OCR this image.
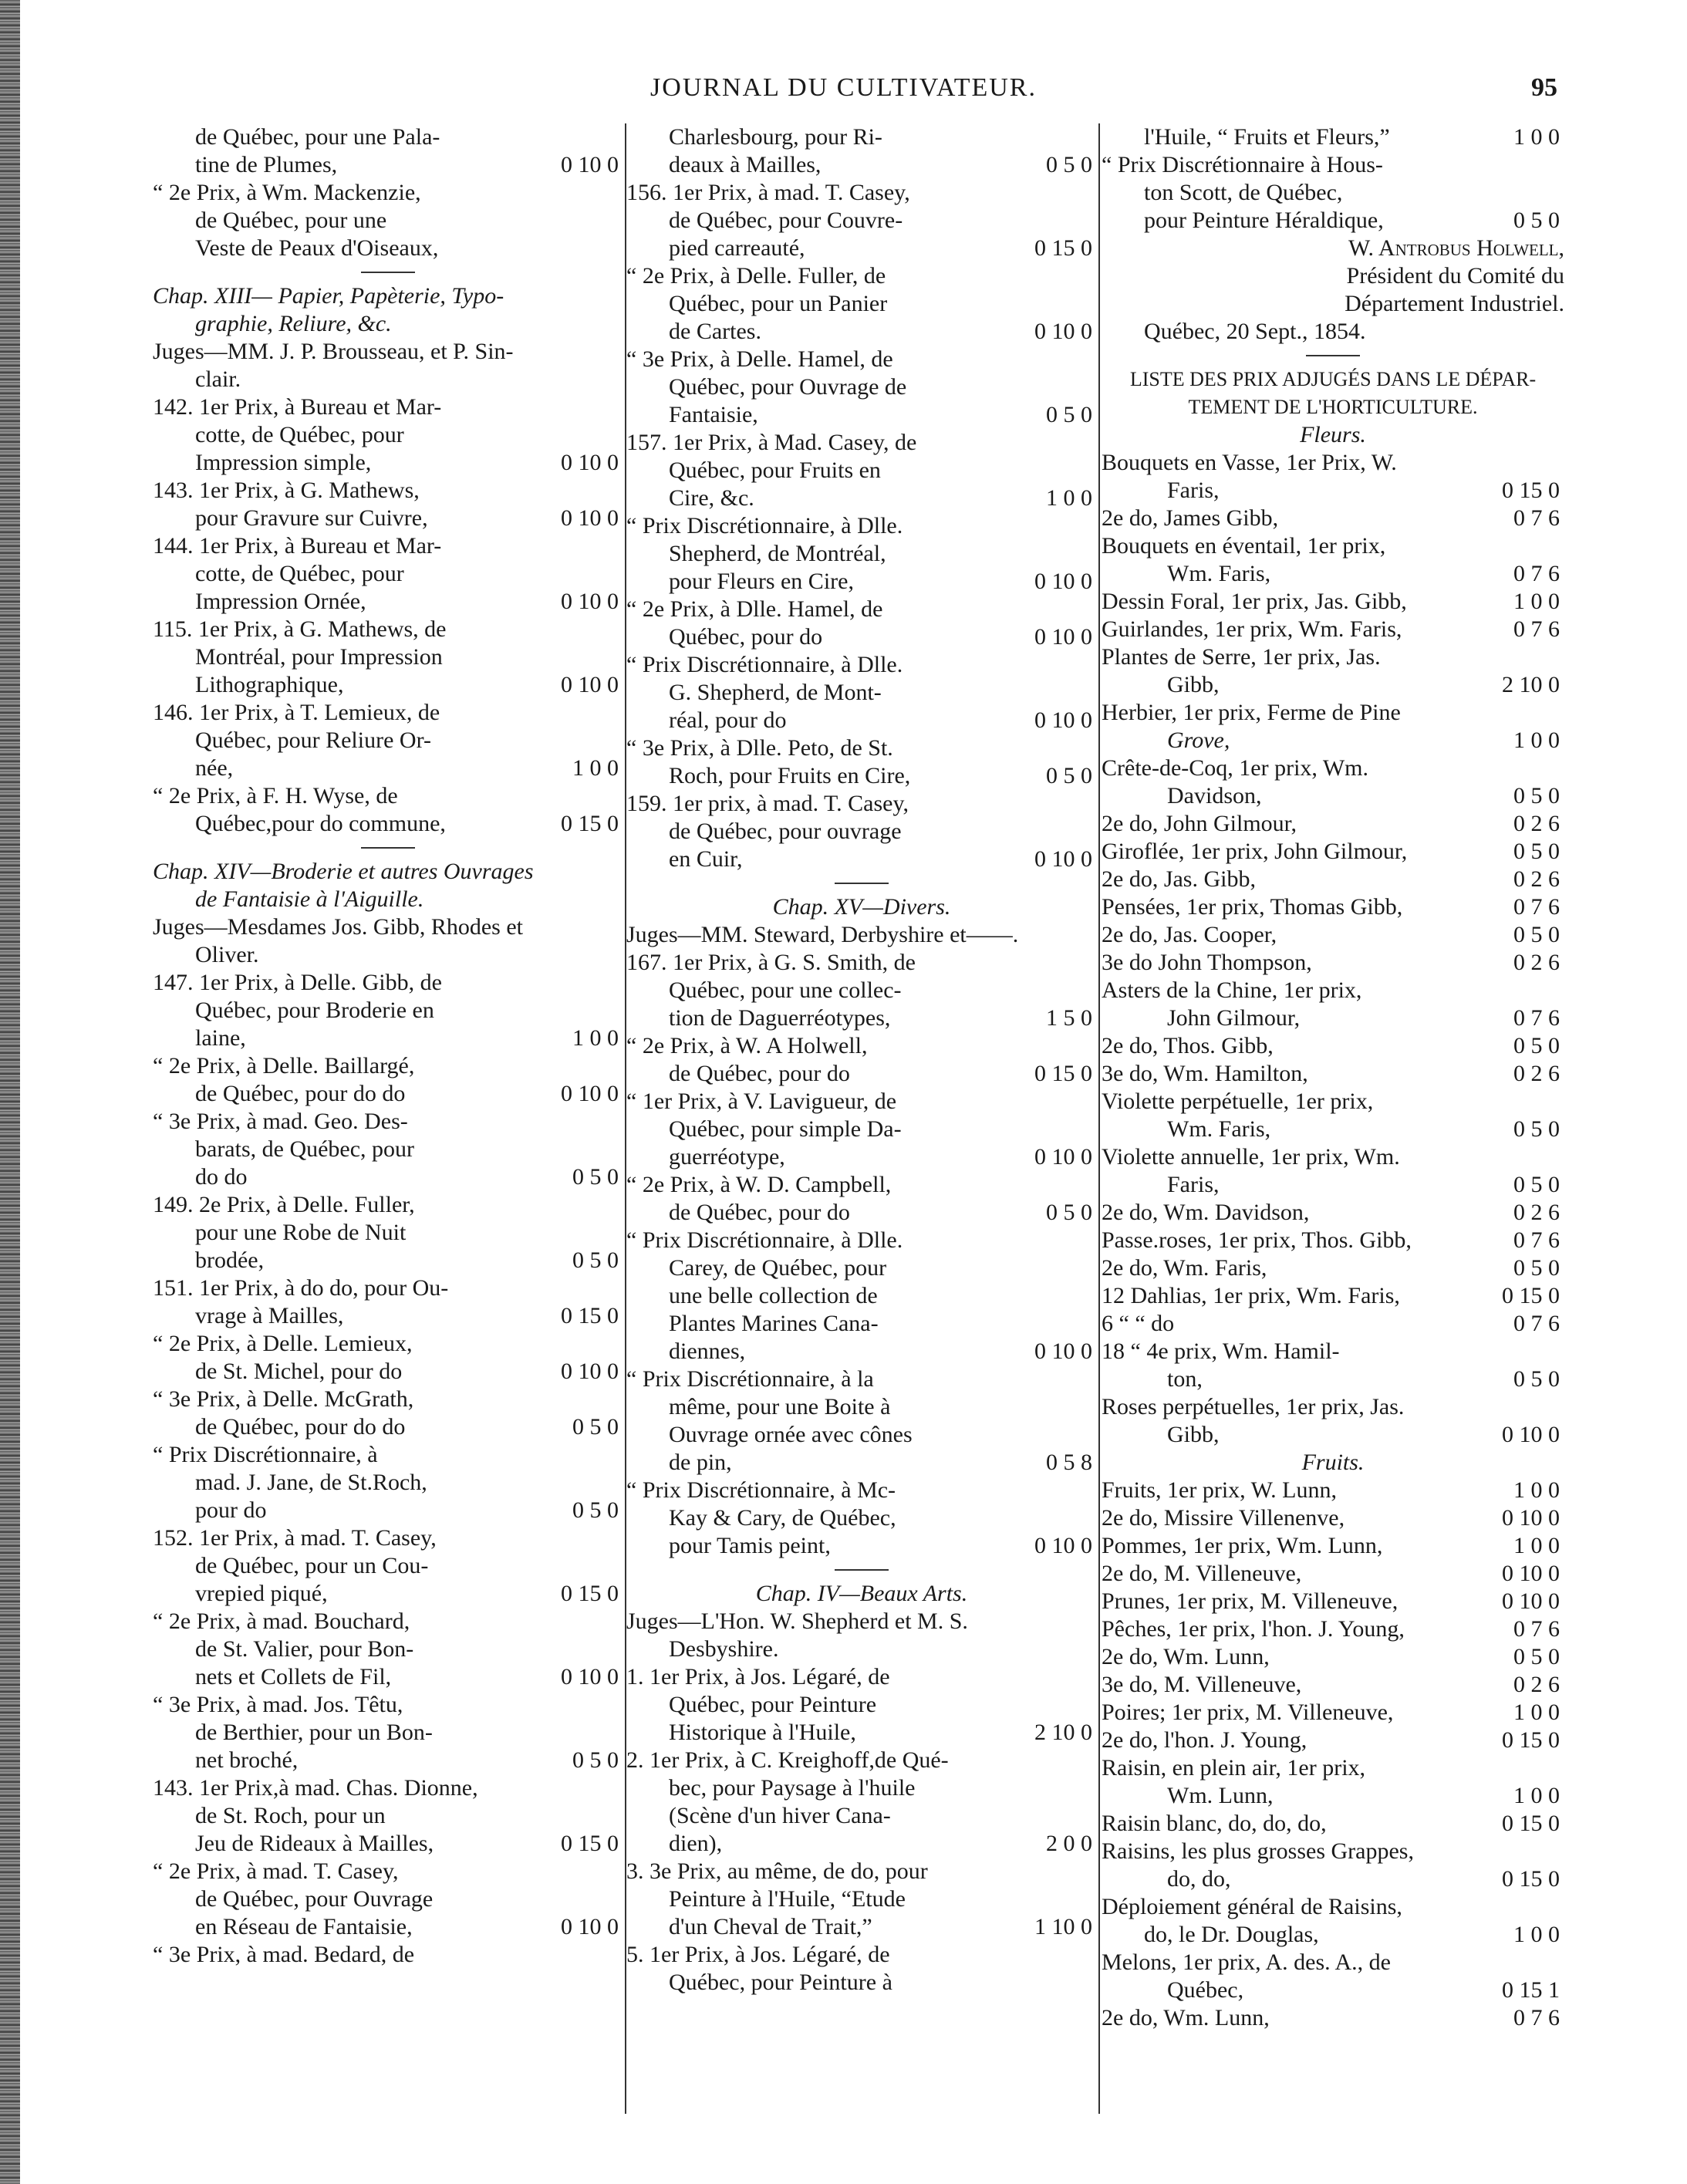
JOURNAL DU CULTIVATEUR.	95
de Québec, pour une Pala-
tine de Plumes,	0 10 0
“ 2e Prix, à Wm. Mackenzie,
de Québec, pour une
Veste de Peaux d'Oiseaux,
Chap. XIII— Papier, Papèterie, Typo-
graphie, Reliure, &c.
Juges—MM. J. P. Brousseau, et P. Sin-
clair.
142. 1er Prix, à Bureau et Mar-
cotte, de Québec, pour
Impression simple,	0 10 0
143. 1er Prix, à G. Mathews,
pour Gravure sur Cuivre,	0 10 0
144. 1er Prix, à Bureau et Mar-
cotte, de Québec, pour
Impression Ornée,	0 10 0
115. 1er Prix, à G. Mathews, de
Montréal, pour Impression
Lithographique,	0 10 0
146. 1er Prix, à T. Lemieux, de
Québec, pour Reliure Or-
née,	1 0 0
“ 2e Prix, à F. H. Wyse, de
Québec,pour do commune,	0 15 0
Chap. XIV—Broderie et autres Ouvrages
de Fantaisie à l'Aiguille.
Juges—Mesdames Jos. Gibb, Rhodes et
Oliver.
147. 1er Prix, à Delle. Gibb, de
Québec, pour Broderie en
laine,	1 0 0
“ 2e Prix, à Delle. Baillargé,
de Québec, pour do do	0 10 0
“ 3e Prix, à mad. Geo. Des-
barats, de Québec, pour
do do	0 5 0
149. 2e Prix, à Delle. Fuller,
pour une Robe de Nuit
brodée,	0 5 0
151. 1er Prix, à do do, pour Ou-
vrage à Mailles,	0 15 0
“ 2e Prix, à Delle. Lemieux,
de St. Michel, pour do	0 10 0
“ 3e Prix, à Delle. McGrath,
de Québec, pour do do	0 5 0
“ Prix Discrétionnaire, à
mad. J. Jane, de St.Roch,
pour do	0 5 0
152. 1er Prix, à mad. T. Casey,
de Québec, pour un Cou-
vrepied piqué,	0 15 0
“ 2e Prix, à mad. Bouchard,
de St. Valier, pour Bon-
nets et Collets de Fil,	0 10 0
“ 3e Prix, à mad. Jos. Têtu,
de Berthier, pour un Bon-
net broché,	0 5 0
143. 1er Prix,à mad. Chas. Dionne,
de St. Roch, pour un
Jeu de Rideaux à Mailles,	0 15 0
“ 2e Prix, à mad. T. Casey,
de Québec, pour Ouvrage
en Réseau de Fantaisie,	0 10 0
“ 3e Prix, à mad. Bedard, de
Charlesbourg, pour Ri-
deaux à Mailles,	0 5 0
156. 1er Prix, à mad. T. Casey,
de Québec, pour Couvre-
pied carreauté,	0 15 0
“ 2e Prix, à Delle. Fuller, de
Québec, pour un Panier
de Cartes.	0 10 0
“ 3e Prix, à Delle. Hamel, de
Québec, pour Ouvrage de
Fantaisie,	0 5 0
157. 1er Prix, à Mad. Casey, de
Québec, pour Fruits en
Cire, &c.	1 0 0
“ Prix Discrétionnaire, à Dlle.
Shepherd, de Montréal,
pour Fleurs en Cire,	0 10 0
“ 2e Prix, à Dlle. Hamel, de
Québec, pour do	0 10 0
“ Prix Discrétionnaire, à Dlle.
G. Shepherd, de Mont-
réal, pour do	0 10 0
“ 3e Prix, à Dlle. Peto, de St.
Roch, pour Fruits en Cire,	0 5 0
159. 1er prix, à mad. T. Casey,
de Québec, pour ouvrage
en Cuir,	0 10 0
Chap. XV—Divers.
Juges—MM. Steward, Derbyshire et——.
167. 1er Prix, à G. S. Smith, de
Québec, pour une collec-
tion de Daguerréotypes,	1 5 0
“ 2e Prix, à W. A Holwell,
de Québec, pour do	0 15 0
“ 1er Prix, à V. Lavigueur, de
Québec, pour simple Da-
guerréotype,	0 10 0
“ 2e Prix, à W. D. Campbell,
de Québec, pour do	0 5 0
“ Prix Discrétionnaire, à Dlle.
Carey, de Québec, pour
une belle collection de
Plantes Marines Cana-
diennes,	0 10 0
“ Prix Discrétionnaire, à la
même, pour une Boite à
Ouvrage ornée avec cônes
de pin,	0 5 8
“ Prix Discrétionnaire, à Mc-
Kay & Cary, de Québec,
pour Tamis peint,	0 10 0
Chap. IV—Beaux Arts.
Juges—L'Hon. W. Shepherd et M. S.
Desbyshire.
1. 1er Prix, à Jos. Légaré, de
Québec, pour Peinture
Historique à l'Huile,	2 10 0
2. 1er Prix, à C. Kreighoff,de Qué-
bec, pour Paysage à l'huile
(Scène d'un hiver Cana-
dien),	2 0 0
3. 3e Prix, au même, de do, pour
Peinture à l'Huile, “Etude
d'un Cheval de Trait,”	1 10 0
5. 1er Prix, à Jos. Légaré, de
Québec, pour Peinture à
l'Huile, “ Fruits et Fleurs,”	1 0 0
“ Prix Discrétionnaire à Hous-
ton Scott, de Québec,
pour Peinture Héraldique,	0 5 0
W. Antrobus Holwell,
Président du Comité du
Département Industriel.
Québec, 20 Sept., 1854.
LISTE DES PRIX ADJUGÉS DANS LE DÉPAR-
TEMENT DE L'HORTICULTURE.
Fleurs.
Bouquets en Vasse, 1er Prix, W.
Faris,	0 15 0
2e do, James Gibb,	0 7 6
Bouquets en éventail, 1er prix,
Wm. Faris,	0 7 6
Dessin Foral, 1er prix, Jas. Gibb,	1 0 0
Guirlandes, 1er prix, Wm. Faris,	0 7 6
Plantes de Serre, 1er prix, Jas.
Gibb,	2 10 0
Herbier, 1er prix, Ferme de Pine
Grove,	1 0 0
Crête-de-Coq, 1er prix, Wm.
Davidson,	0 5 0
2e do, John Gilmour,	0 2 6
Giroflée, 1er prix, John Gilmour,	0 5 0
2e do, Jas. Gibb,	0 2 6
Pensées, 1er prix, Thomas Gibb,	0 7 6
2e do, Jas. Cooper,	0 5 0
3e do John Thompson,	0 2 6
Asters de la Chine, 1er prix,
John Gilmour,	0 7 6
2e do, Thos. Gibb,	0 5 0
3e do, Wm. Hamilton,	0 2 6
Violette perpétuelle, 1er prix,
Wm. Faris,	0 5 0
Violette annuelle, 1er prix, Wm.
Faris,	0 5 0
2e do, Wm. Davidson,	0 2 6
Passe.roses, 1er prix, Thos. Gibb,	0 7 6
2e do, Wm. Faris,	0 5 0
12 Dahlias, 1er prix, Wm. Faris,	0 15 0
6 “ “ do	0 7 6
18 “ 4e prix, Wm. Hamil-
ton,	0 5 0
Roses perpétuelles, 1er prix, Jas.
Gibb,	0 10 0
Fruits.
Fruits, 1er prix, W. Lunn,	1 0 0
2e do, Missire Villenenve,	0 10 0
Pommes, 1er prix, Wm. Lunn,	1 0 0
2e do, M. Villeneuve,	0 10 0
Prunes, 1er prix, M. Villeneuve,	0 10 0
Pêches, 1er prix, l'hon. J. Young,	0 7 6
2e do, Wm. Lunn,	0 5 0
3e do, M. Villeneuve,	0 2 6
Poires; 1er prix, M. Villeneuve,	1 0 0
2e do, l'hon. J. Young,	0 15 0
Raisin, en plein air, 1er prix,
Wm. Lunn,	1 0 0
Raisin blanc, do, do, do,	0 15 0
Raisins, les plus grosses Grappes,
do, do,	0 15 0
Déploiement général de Raisins,
do, le Dr. Douglas,	1 0 0
Melons, 1er prix, A. des. A., de
Québec,	0 15 1
2e do, Wm. Lunn,	0 7 6
